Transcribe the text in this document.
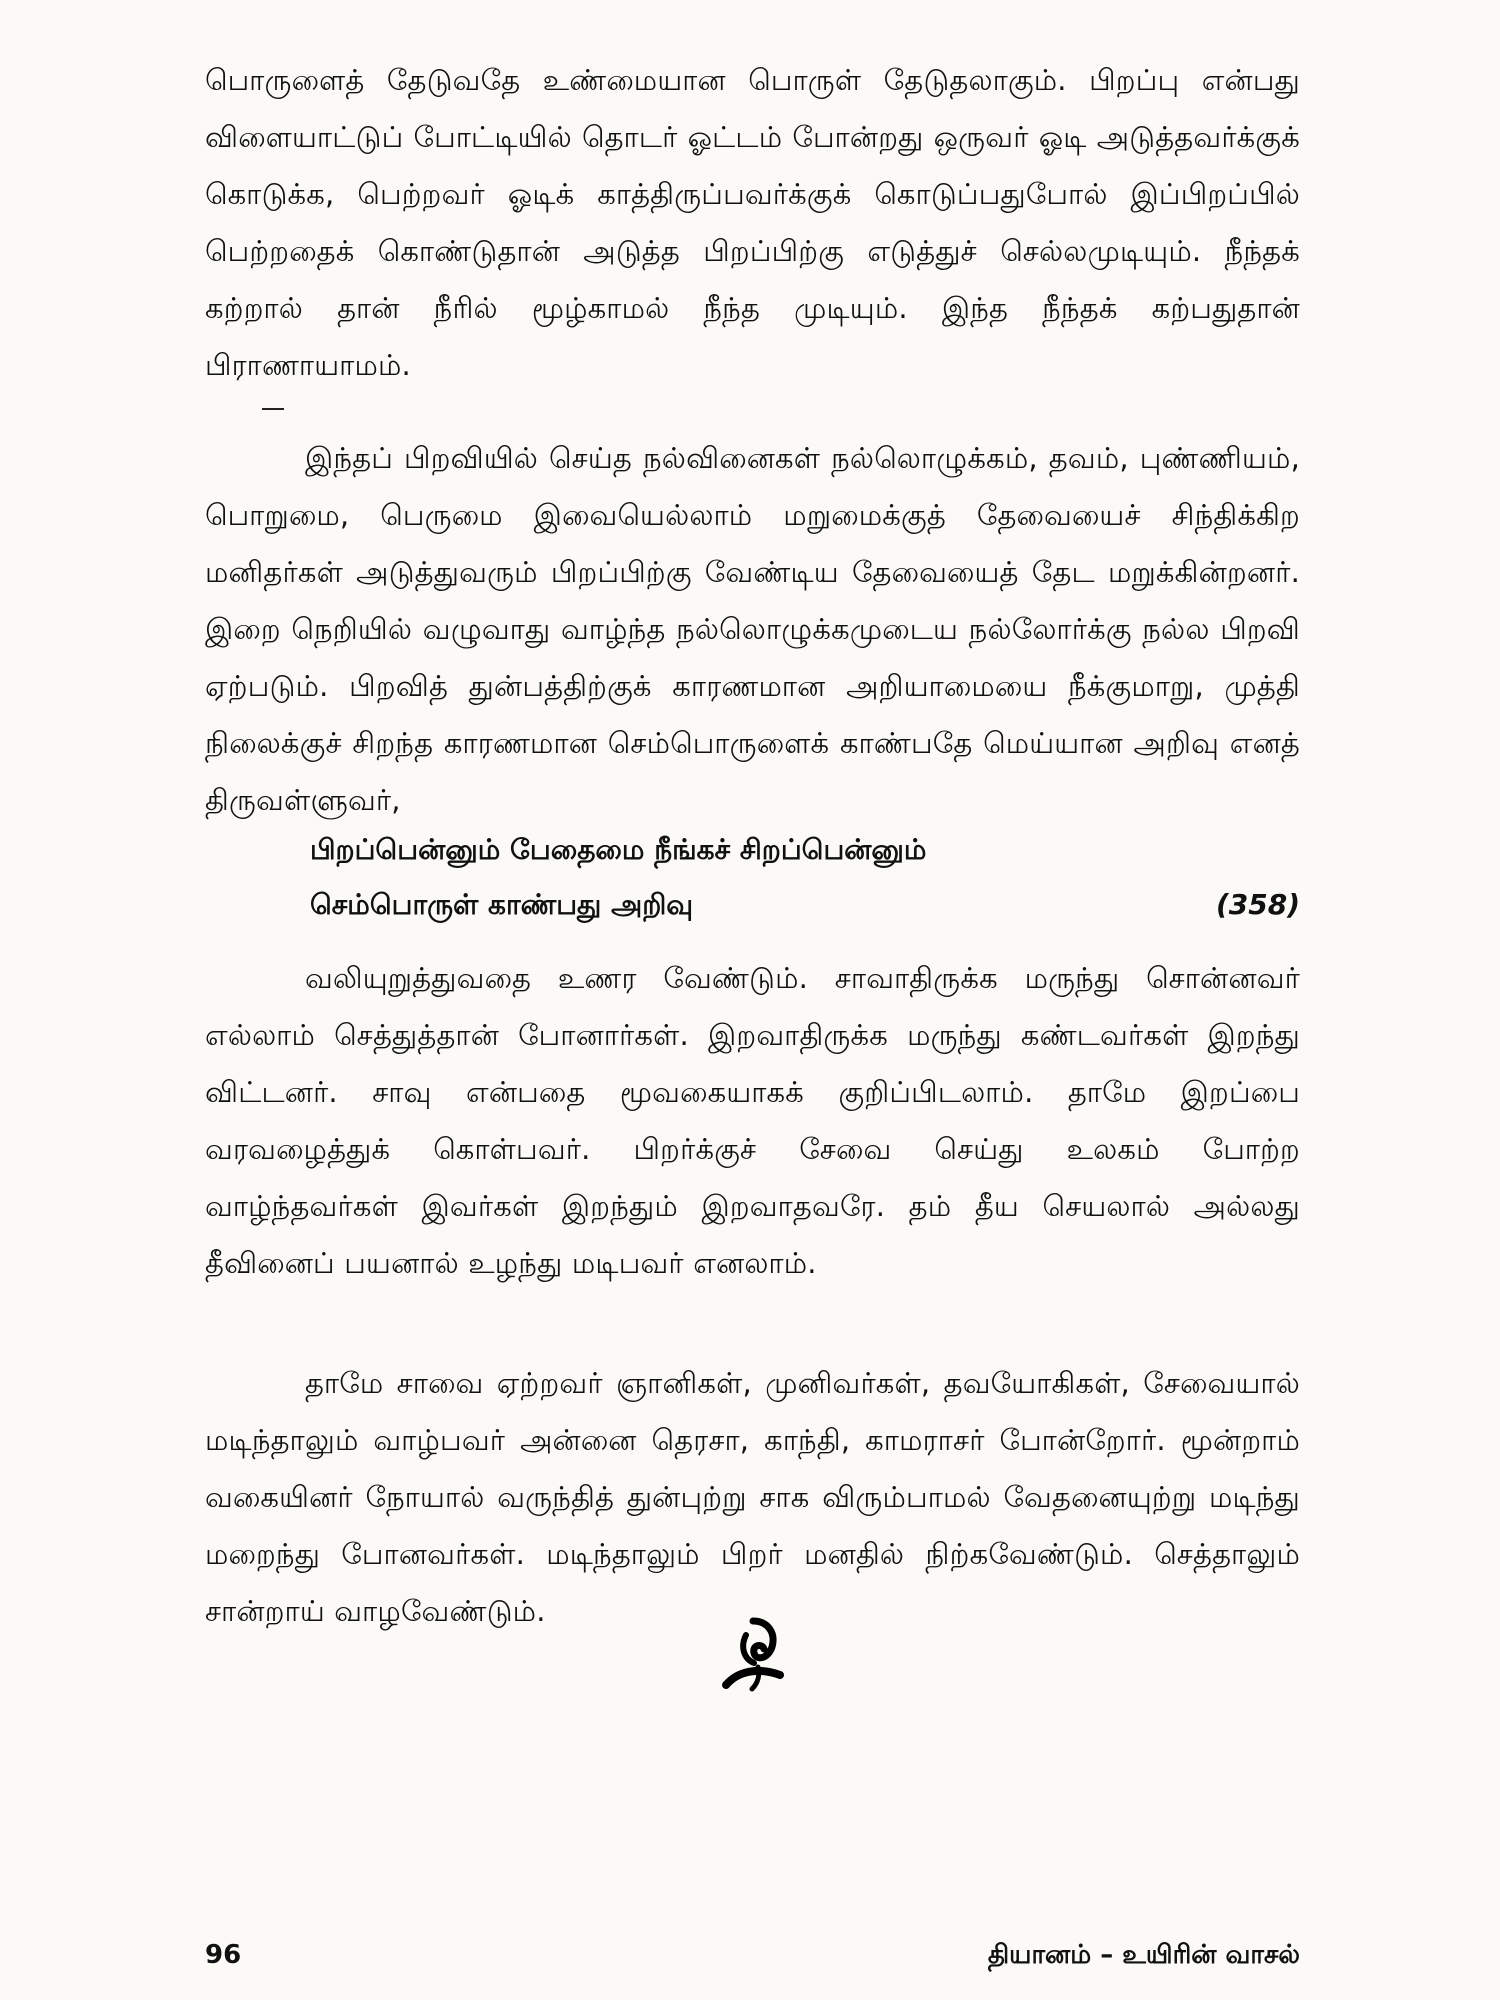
பொருளைத் தேடுவதே உண்மையான பொருள் தேடுதலாகும். பிறப்பு என்பது விளையாட்டுப் போட்டியில் தொடர் ஓட்டம் போன்றது ஒருவர் ஓடி அடுத்தவர்க்குக் கொடுக்க, பெற்றவர் ஓடிக் காத்திருப்பவர்க்குக் கொடுப்பதுபோல் இப்பிறப்பில் பெற்றதைக் கொண்டுதான் அடுத்த பிறப்பிற்கு எடுத்துச் செல்லமுடியும். நீந்தக் கற்றால் தான் நீரில் மூழ்காமல் நீந்த முடியும். இந்த நீந்தக் கற்பதுதான் பிராணாயாமம்.

இந்தப் பிறவியில் செய்த நல்வினைகள் நல்லொழுக்கம், தவம், புண்ணியம், பொறுமை, பெருமை இவையெல்லாம் மறுமைக்குத் தேவையைச் சிந்திக்கிற மனிதர்கள் அடுத்துவரும் பிறப்பிற்கு வேண்டிய தேவையைத் தேட மறுக்கின்றனர். இறை நெறியில் வழுவாது வாழ்ந்த நல்லொழுக்கமுடைய நல்லோர்க்கு நல்ல பிறவி ஏற்படும். பிறவித் துன்பத்திற்குக் காரணமான அறியாமையை நீக்குமாறு, முத்தி நிலைக்குச் சிறந்த காரணமான செம்பொருளைக் காண்பதே மெய்யான அறிவு எனத் திருவள்ளுவர்,

பிறப்பென்னும் பேதைமை நீங்கச் சிறப்பென்னும்
செம்பொருள் காண்பது அறிவு	(358)

வலியுறுத்துவதை உணர வேண்டும். சாவாதிருக்க மருந்து சொன்னவர் எல்லாம் செத்துத்தான் போனார்கள். இறவாதிருக்க மருந்து கண்டவர்கள் இறந்து விட்டனர். சாவு என்பதை மூவகையாகக் குறிப்பிடலாம். தாமே இறப்பை வரவழைத்துக் கொள்பவர். பிறர்க்குச் சேவை செய்து உலகம் போற்ற வாழ்ந்தவர்கள் இவர்கள் இறந்தும் இறவாதவரே. தம் தீய செயலால் அல்லது தீவினைப் பயனால் உழந்து மடிபவர் எனலாம்.

தாமே சாவை ஏற்றவர் ஞானிகள், முனிவர்கள், தவயோகிகள், சேவையால் மடிந்தாலும் வாழ்பவர் அன்னை தெரசா, காந்தி, காமராசர் போன்றோர். மூன்றாம் வகையினர் நோயால் வருந்தித் துன்புற்று சாக விரும்பாமல் வேதனையுற்று மடிந்து மறைந்து போனவர்கள். மடிந்தாலும் பிறர் மனதில் நிற்கவேண்டும். செத்தாலும் சான்றாய் வாழவேண்டும்.

96	தியானம் – உயிரின் வாசல்
